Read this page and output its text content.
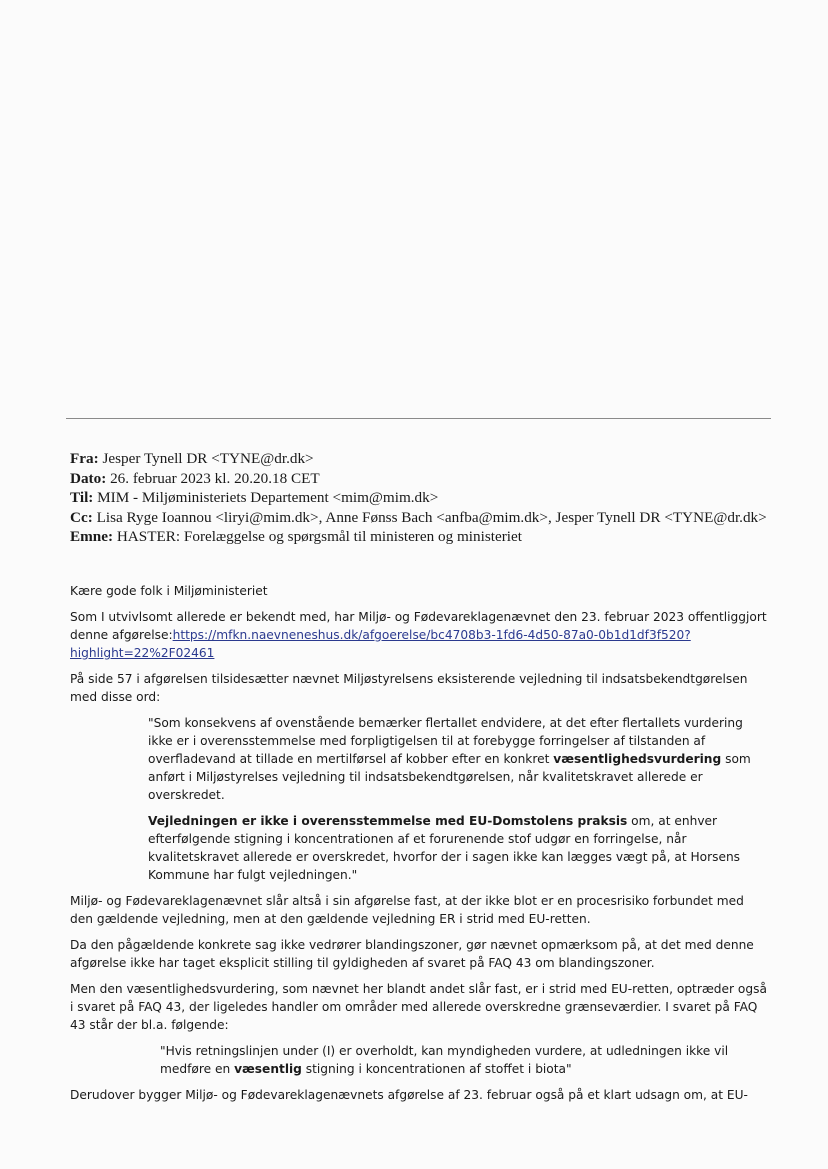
Fra: Jesper Tynell DR <TYNE@dr.dk>
Dato: 26. februar 2023 kl. 20.20.18 CET
Til: MIM - Miljøministeriets Departement <mim@mim.dk>
Cc: Lisa Ryge Ioannou <liryi@mim.dk>, Anne Fønss Bach <anfba@mim.dk>, Jesper Tynell DR <TYNE@dr.dk>
Emne: HASTER: Forelæggelse og spørgsmål til ministeren og ministeriet

Kære gode folk i Miljøministeriet

Som I utvivlsomt allerede er bekendt med, har Miljø- og Fødevareklagenævnet den 23. februar 2023 offentliggjort denne afgørelse:https://mfkn.naevneneshus.dk/afgoerelse/bc4708b3-1fd6-4d50-87a0-0b1d1df3f520?highlight=22%2F02461

På side 57 i afgørelsen tilsidesætter nævnet Miljøstyrelsens eksisterende vejledning til indsatsbekendtgørelsen med disse ord:

"Som konsekvens af ovenstående bemærker flertallet endvidere, at det efter flertallets vurdering ikke er i overensstemmelse med forpligtigelsen til at forebygge forringelser af tilstanden af overfladevand at tillade en mertilførsel af kobber efter en konkret væsentlighedsvurdering som anført i Miljøstyrelses vejledning til indsatsbekendtgørelsen, når kvalitetskravet allerede er overskredet.

Vejledningen er ikke i overensstemmelse med EU-Domstolens praksis om, at enhver efterfølgende stigning i koncentrationen af et forurenende stof udgør en forringelse, når kvalitetskravet allerede er overskredet, hvorfor der i sagen ikke kan lægges vægt på, at Horsens Kommune har fulgt vejledningen."

Miljø- og Fødevareklagenævnet slår altså i sin afgørelse fast, at der ikke blot er en procesrisiko forbundet med den gældende vejledning, men at den gældende vejledning ER i strid med EU-retten.

Da den pågældende konkrete sag ikke vedrører blandingszoner, gør nævnet opmærksom på, at det med denne afgørelse ikke har taget eksplicit stilling til gyldigheden af svaret på FAQ 43 om blandingszoner.

Men den væsentlighedsvurdering, som nævnet her blandt andet slår fast, er i strid med EU-retten, optræder også i svaret på FAQ 43, der ligeledes handler om områder med allerede overskredne grænseværdier. I svaret på FAQ 43 står der bl.a. følgende:

"Hvis retningslinjen under (I) er overholdt, kan myndigheden vurdere, at udledningen ikke vil medføre en væsentlig stigning i koncentrationen af stoffet i biota"

Derudover bygger Miljø- og Fødevareklagenævnets afgørelse af 23. februar også på et klart udsagn om, at EU-
